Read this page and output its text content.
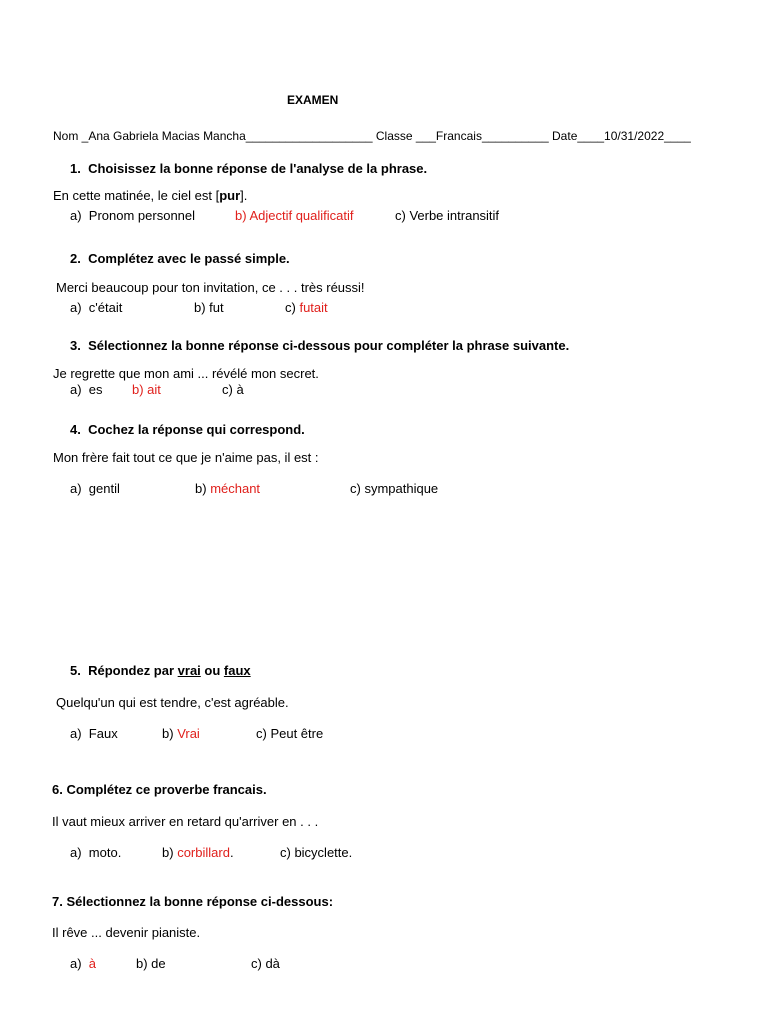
EXAMEN
Nom _Ana Gabriela Macias Mancha___________________ Classe ___Francais__________ Date____10/31/2022____
1. Choisissez la bonne réponse de l'analyse de la phrase.
En cette matinée, le ciel est [pur].
a) Pronom personnel	b) Adjectif qualificatif	c) Verbe intransitif
2. Complétez avec le passé simple.
Merci beaucoup pour ton invitation, ce . . . très réussi!
a) c'était	b) fut	c) futait
3. Sélectionnez la bonne réponse ci-dessous pour compléter la phrase suivante.
Je regrette que mon ami ... révélé mon secret.
a) es b) ait	c) à
4. Cochez la réponse qui correspond.
Mon frère fait tout ce que je n'aime pas, il est :
a) gentil	b) méchant	c) sympathique
5. Répondez par vrai ou faux
Quelqu'un qui est tendre, c'est agréable.
a) Faux	b) Vrai	c) Peut être
6. Complétez ce proverbe francais.
Il vaut mieux arriver en retard qu'arriver en . . .
a) moto.	b) corbillard.	c) bicyclette.
7. Sélectionnez la bonne réponse ci-dessous:
Il rêve ... devenir pianiste.
a) à	b) de	c) dà
